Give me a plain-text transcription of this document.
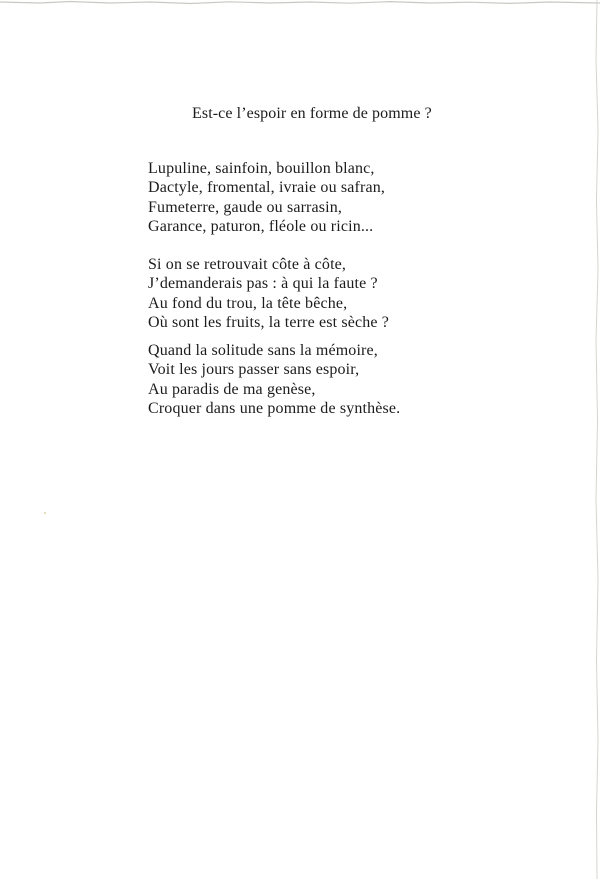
Est-ce l’espoir en forme de pomme ?

Lupuline, sainfoin, bouillon blanc,
Dactyle, fromental, ivraie ou safran,
Fumeterre, gaude ou sarrasin,
Garance, paturon, fléole ou ricin...

Si on se retrouvait côte à côte,
J’demanderais pas : à qui la faute ?
Au fond du trou, la tête bêche,
Où sont les fruits, la terre est sèche ?

Quand la solitude sans la mémoire,
Voit les jours passer sans espoir,
Au paradis de ma genèse,
Croquer dans une pomme de synthèse.
